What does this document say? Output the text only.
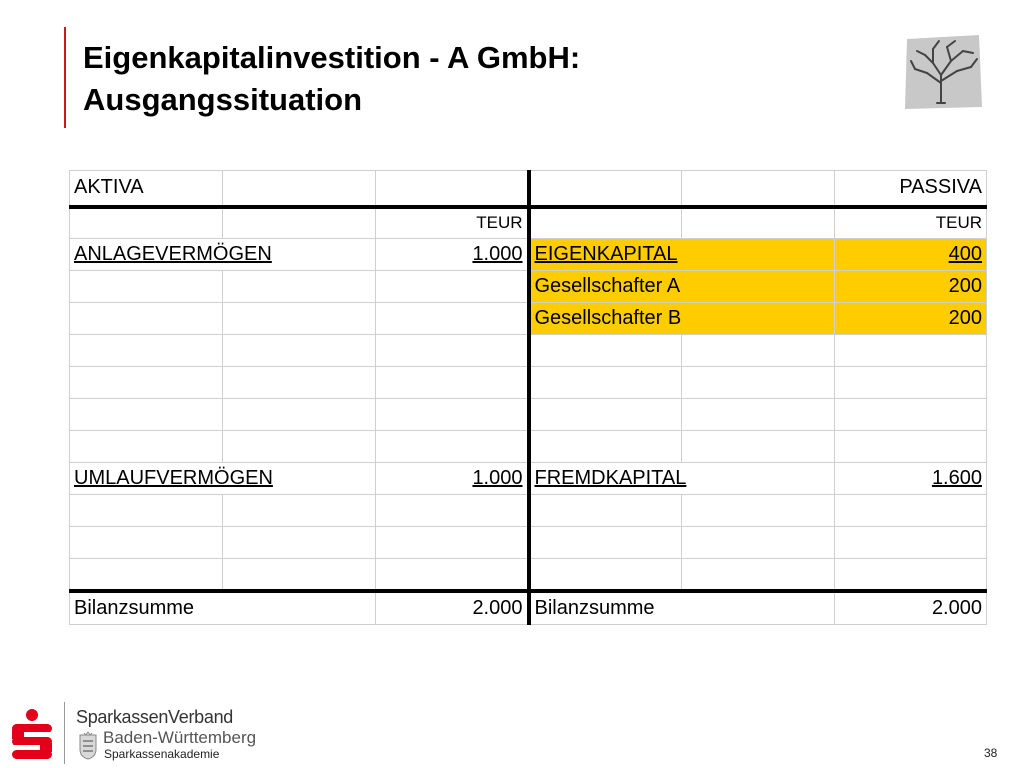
Eigenkapitalinvestition - A GmbH:
Ausgangssituation
AKTIVA					PASSIVA
		TEUR			TEUR
ANLAGEVERMÖGEN		1.000	EIGENKAPITAL		400
			Gesellschafter A		200
			Gesellschafter B		200

UMLAUFVERMÖGEN		1.000	FREMDKAPITAL		1.600

Bilanzsumme		2.000	Bilanzsumme		2.000
SparkassenVerband
Baden-Württemberg
Sparkassenakademie	38
